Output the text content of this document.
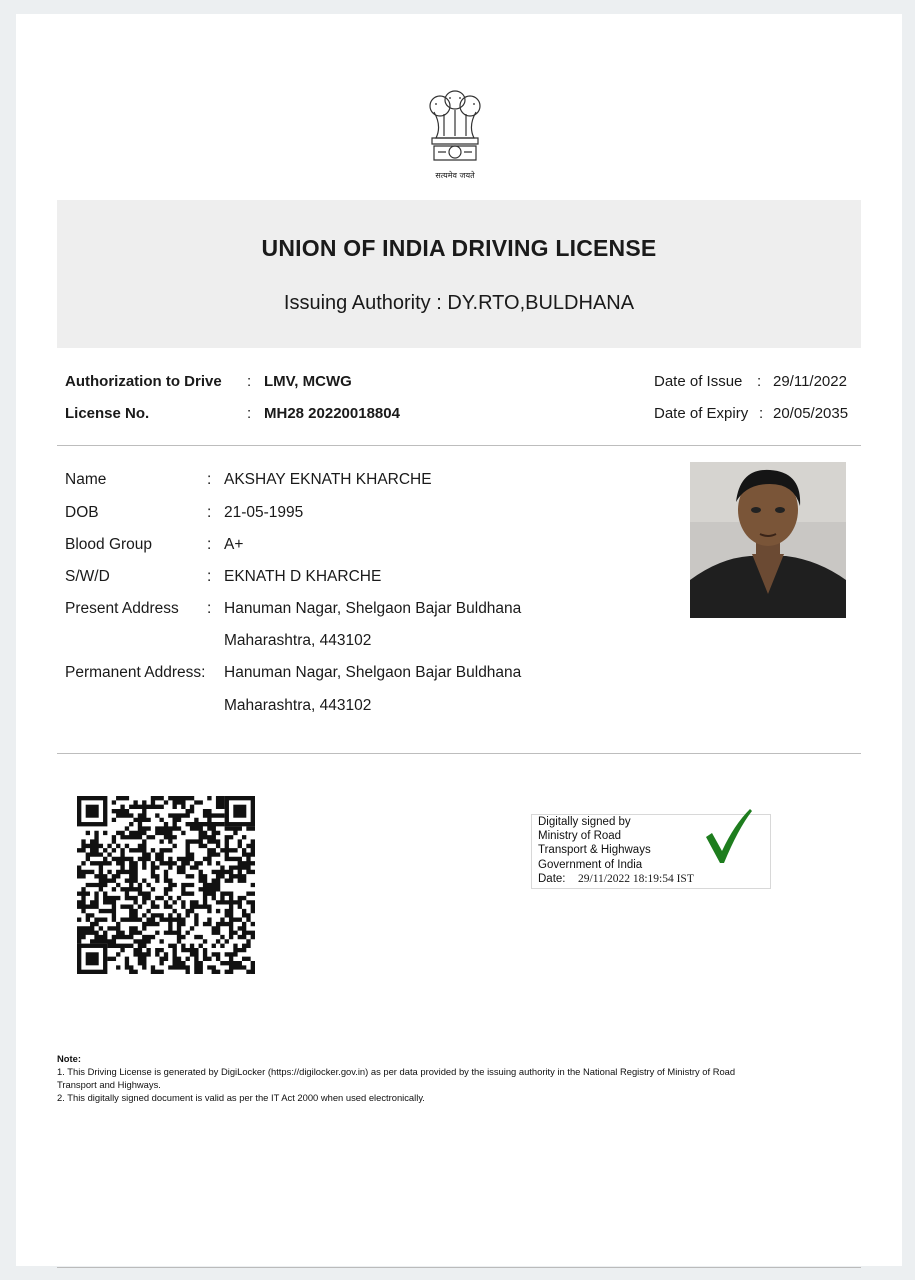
सत्यमेव जयते
UNION OF INDIA DRIVING LICENSE
Issuing Authority : DY.RTO,BULDHANA
Authorization to Drive : LMV, MCWG
License No.	: MH28 20220018804
Date of Issue : 29/11/2022
Date of Expiry : 20/05/2035
Name	: AKSHAY EKNATH KHARCHE
DOB	: 21-05-1995
Blood Group	: A+
S/W/D	: EKNATH D KHARCHE
Present Address : Hanuman Nagar, Shelgaon Bajar Buldhana
Maharashtra, 443102
Permanent Address: Hanuman Nagar, Shelgaon Bajar Buldhana
Maharashtra, 443102
Digitally signed by
Ministry of Road
Transport & Highways
Government of India
Date: 29/11/2022 18:19:54 IST
Note:
1. This Driving License is generated by DigiLocker (https://digilocker.gov.in) as per data provided by the issuing authority in the National Registry of Ministry of Road
Transport and Highways.
2. This digitally signed document is valid as per the IT Act 2000 when used electronically.
